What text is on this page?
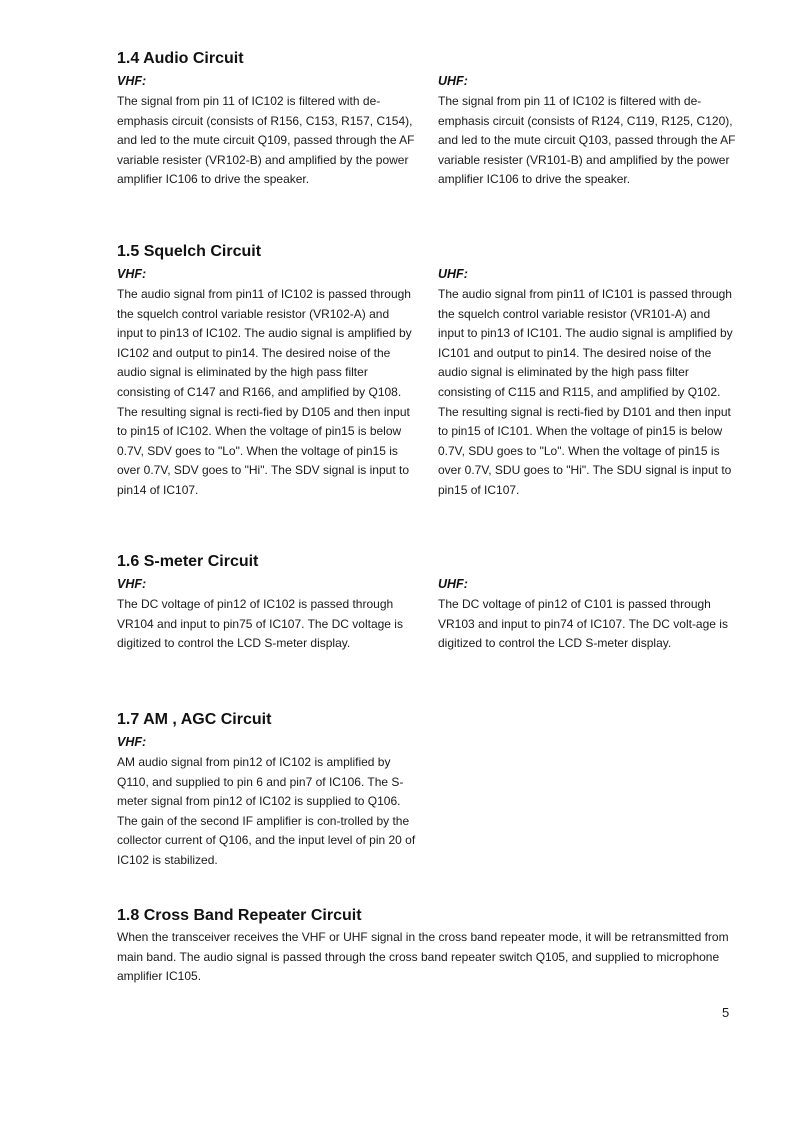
1.4 Audio Circuit

VHF:

The signal from pin 11 of IC102 is filtered with de-emphasis circuit (consists of R156, C153, R157, C154), and led to the mute circuit Q109, passed through the AF variable resister (VR102-B) and amplified by the power amplifier IC106 to drive the speaker.

UHF:

The signal from pin 11 of IC102 is filtered with de-emphasis circuit (consists of R124, C119, R125, C120), and led to the mute circuit Q103, passed through the AF variable resister (VR101-B) and amplified by the power amplifier IC106 to drive the speaker.

1.5 Squelch Circuit

VHF:

The audio signal from pin11 of IC102 is passed through the squelch control variable resistor (VR102-A) and input to pin13 of IC102. The audio signal is amplified by IC102 and output to pin14. The desired noise of the audio signal is eliminated by the high pass filter consisting of C147 and R166, and amplified by Q108. The resulting signal is recti-fied by D105 and then input to pin15 of IC102. When the voltage of pin15 is below 0.7V, SDV goes to "Lo". When the voltage of pin15 is over 0.7V, SDV goes to "Hi". The SDV signal is input to pin14 of IC107.

UHF:

The audio signal from pin11 of IC101 is passed through the squelch control variable resistor (VR101-A) and input to pin13 of IC101. The audio signal is amplified by IC101 and output to pin14. The desired noise of the audio signal is eliminated by the high pass filter consisting of C115 and R115, and amplified by Q102. The resulting signal is recti-fied by D101 and then input to pin15 of IC101. When the voltage of pin15 is below 0.7V, SDU goes to "Lo". When the voltage of pin15 is over 0.7V, SDU goes to "Hi". The SDU signal is input to pin15 of IC107.

1.6 S-meter Circuit

VHF:

The DC voltage of pin12 of IC102 is passed through VR104 and input to pin75 of IC107. The DC voltage is digitized to control the LCD S-meter display.

UHF:

The DC voltage of pin12 of C101 is passed through VR103 and input to pin74 of IC107. The DC volt-age is digitized to control the LCD S-meter display.

1.7 AM , AGC Circuit

VHF:

AM audio signal from pin12 of IC102 is amplified by Q110, and supplied to pin 6 and pin7 of IC106. The S-meter signal from pin12 of IC102 is supplied to Q106. The gain of the second IF amplifier is con-trolled by the collector current of Q106, and the input level of pin 20 of IC102 is stabilized.

1.8 Cross Band Repeater Circuit

When the transceiver receives the VHF or UHF signal in the cross band repeater mode, it will be retransmitted from main band. The audio signal is passed through the cross band repeater switch Q105, and supplied to microphone amplifier IC105.

5
